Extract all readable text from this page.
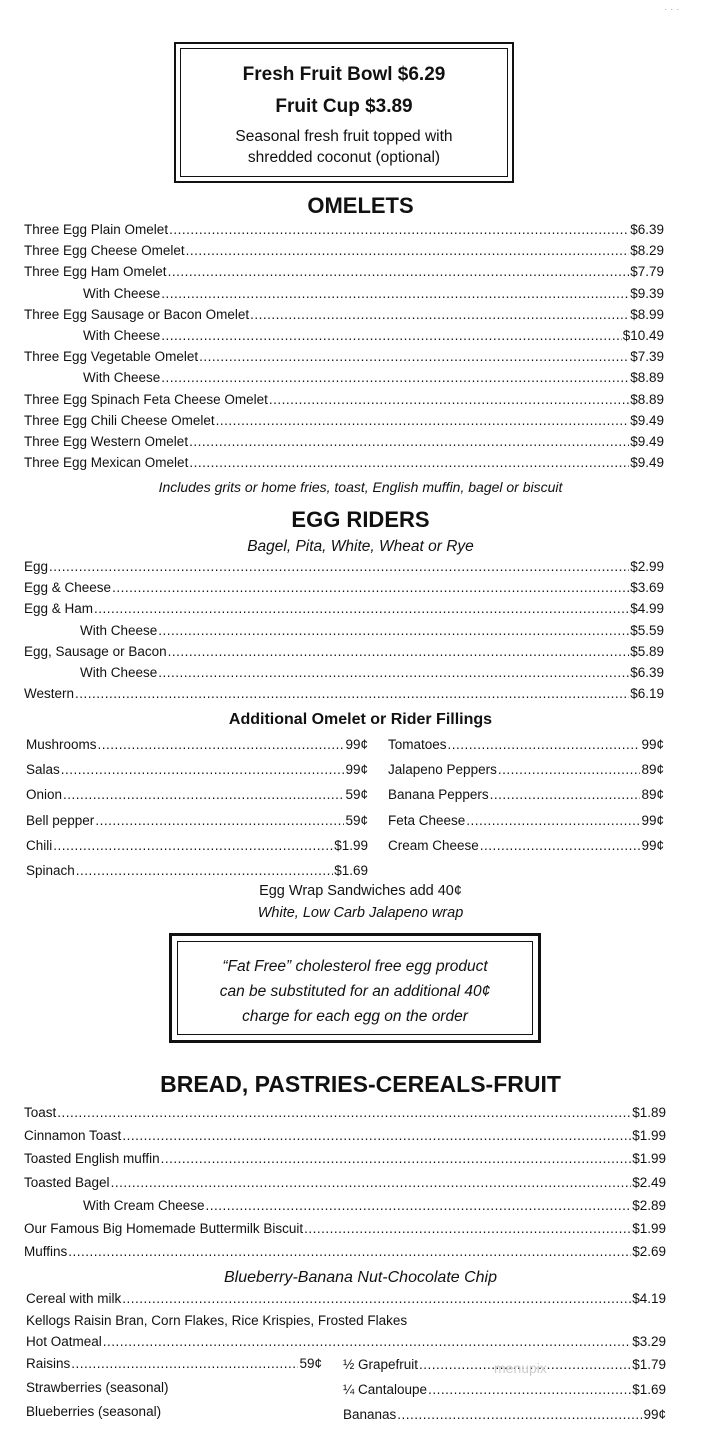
· · ·
Fresh Fruit Bowl $6.29
Fruit Cup $3.89
Seasonal fresh fruit topped with
shredded coconut (optional)
OMELETS
Three Egg Plain Omelet .....	$6.39
Three Egg Cheese Omelet .....	$8.29
Three Egg Ham Omelet .....	$7.79
With Cheese .....	$9.39
Three Egg Sausage or Bacon Omelet .....	$8.99
With Cheese .....	$10.49
Three Egg Vegetable Omelet .....	$7.39
With Cheese .....	$8.89
Three Egg Spinach Feta Cheese Omelet .....	$8.89
Three Egg Chili Cheese Omelet .....	$9.49
Three Egg Western Omelet .....	$9.49
Three Egg Mexican Omelet .....	$9.49
Includes grits or home fries, toast, English muffin, bagel or biscuit
EGG RIDERS
Bagel, Pita, White, Wheat or Rye
Egg .....	$2.99
Egg & Cheese .....	$3.69
Egg & Ham .....	$4.99
With Cheese .....	$5.59
Egg, Sausage or Bacon .....	$5.89
With Cheese .....	$6.39
Western .....	$6.19
Additional Omelet or Rider Fillings
Mushrooms .....	99¢
Salas .....	99¢
Onion .....	59¢
Bell pepper .....	59¢
Chili .....	$1.99
Spinach .....	$1.69
Tomatoes .....	99¢
Jalapeno Peppers .....	89¢
Banana Peppers .....	89¢
Feta Cheese .....	99¢
Cream Cheese .....	99¢
Egg Wrap Sandwiches add 40¢
White, Low Carb Jalapeno wrap
“Fat Free” cholesterol free egg product
can be substituted for an additional 40¢
charge for each egg on the order
BREAD, PASTRIES-CEREALS-FRUIT
Toast .....	$1.89
Cinnamon Toast .....	$1.99
Toasted English muffin .....	$1.99
Toasted Bagel .....	$2.49
With Cream Cheese .....	$2.89
Our Famous Big Homemade Buttermilk Biscuit .....	$1.99
Muffins .....	$2.69
Blueberry-Banana Nut-Chocolate Chip
Cereal with milk .....	$4.19
Kellogs Raisin Bran, Corn Flakes, Rice Krispies, Frosted Flakes
Hot Oatmeal .....	$3.29
Raisins .....	59¢
Strawberries (seasonal)
Blueberries (seasonal)
½ Grapefruit .....	$1.79
¼ Cantaloupe .....	$1.69
Bananas .....	99¢
menupix
